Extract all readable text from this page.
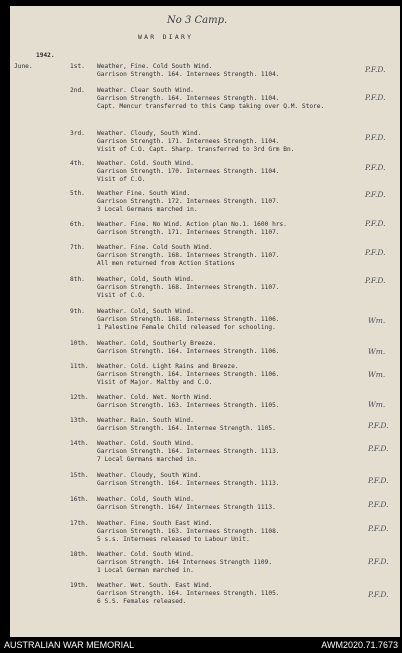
No 3 Camp.
WAR DIARY
1942.
June.	1st. Weather, Fine. Cold South Wind.
Garrison Strength. 164. Internees Strength. 1104.
P.F.D.
2nd. Weather. Clear South Wind.
Garrison Strength. 164. Internees Strength. 1104.
Capt. Mencur transferred to this Camp taking over Q.M. Store.
P.F.D.
3rd. Weather. Cloudy, South Wind.
Garrison Strength. 171. Internees Strength. 1104.
Visit of C.O. Capt. Sharp. transferred to 3rd Grm Bn.
P.F.D.
4th. Weather. Cold. South Wind.
Garrison Strength. 170. Internees Strength. 1104.
Visit of C.O.
P.F.D.
5th. Weather Fine. South Wind.
Garrison Strength. 172. Internees Strength. 1107.
3 Local Germans marched in.
P.F.D.
6th. Weather. Fine. No Wind. Action plan No.1. 1600 hrs.
Garrison Strength. 171. Internees Strength. 1107.
P.F.D.
7th. Weather. Fine. Cold South Wind.
Garrison Strength. 168. Internees Strength. 1107.
All men returned from Action Stations
P.F.D.
8th. Weather, Cold, South Wind.
Garrison Strength. 168. Internees Strength. 1107.
Visit of C.O.
P.F.D.
9th. Weather. Cold, South Wind.
Garrison Strength. 168. Interness Strength. 1106.
1 Palestine Female Child released for schooling.
Wm.
10th. Weather. Cold, Southerly Breeze.
Garrison Strength. 164. Internees Strength. 1106.	Wm.
11th. Weather. Cold. Light Rains and Breeze.
Garrison Strength. 164. Internees Strength. 1106.
Visit of Major. Maltby and C.O.
Wm.
12th. Weather. Cold. Wet. North Wind.
Garrison Strength. 163. Internees Strength. 1105.	Wm.
13th. Weather. Rain. South Wind.
Garrison Strength. 164. Internee Strength. 1105.	P.F.D.
14th. Weather. Cold. South Wind.
Garrison Strength. 164. Internees Strength. 1113.
7 Local Germans marched in.
P.F.D.
15th. Weather. Cloudy, South Wind.
Garrison Strength. 164. Internees Strength. 1113.	P.F.D.
16th. Weather. Cold, South Wind.
Garrison Strength. 164/ Internees Strength 1113.	P.F.D.
17th. Weather. Fine. South East Wind.
Garrison Strength. 163. Internees Strength. 1108.
5 s.s. Internees released to Labour Unit.
P.F.D.
18th. Weather. Cold. South Wind.
Garrison Strength. 164 Internees Strength 1109.
1 Local German marched in.
P.F.D.
19th. Weather. Wet. South. East Wind.
Garrison Strength. 164. Internees Strength. 1105.
6 S.S. Females released.
P.F.D.
AUSTRALIAN WAR MEMORIAL	AWM2020.71.7673
